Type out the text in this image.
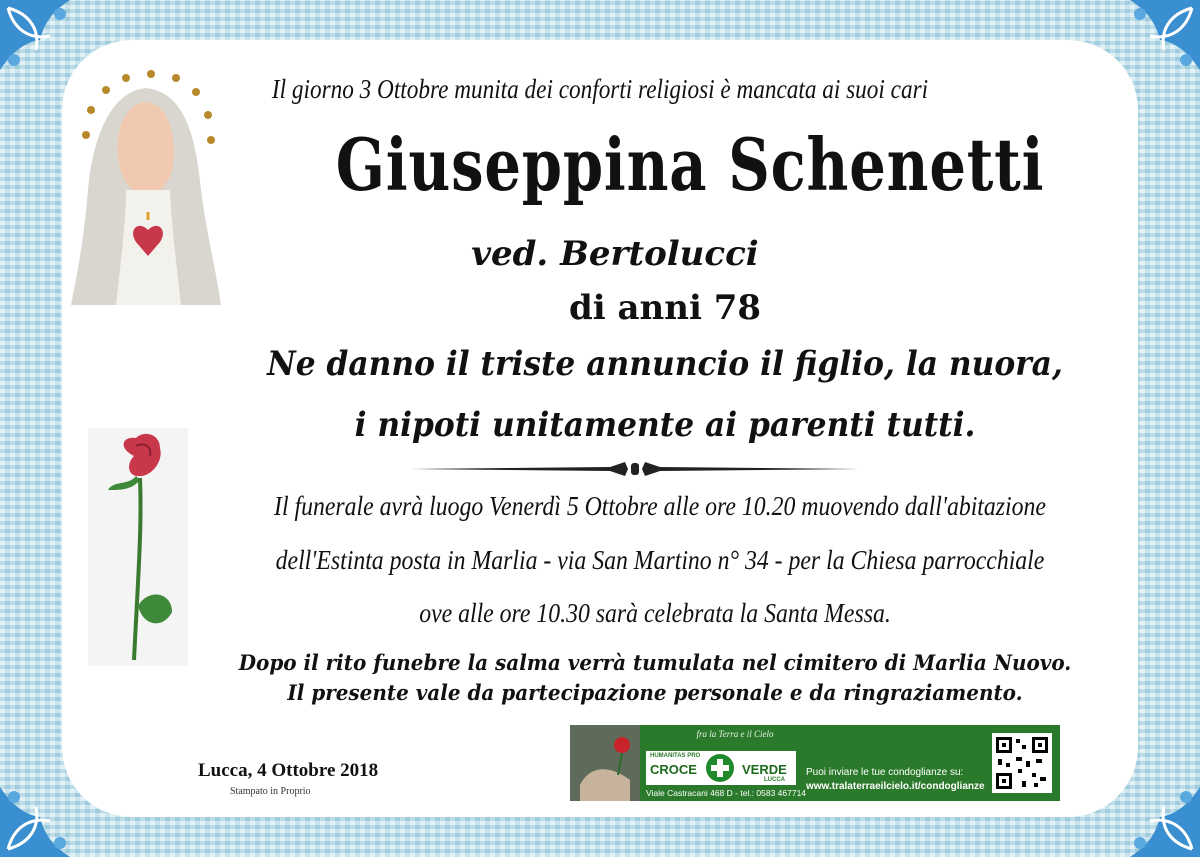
Il giorno 3 Ottobre munita dei conforti religiosi è mancata ai suoi cari
Giuseppina Schenetti
ved. Bertolucci
di anni 78
Ne danno il triste annuncio il figlio, la nuora,
i nipoti unitamente ai parenti tutti.
Il funerale avrà luogo Venerdì 5 Ottobre alle ore 10.20 muovendo dall'abitazione
dell'Estinta posta in Marlia - via San Martino n° 34 - per la Chiesa parrocchiale
ove alle ore 10.30 sarà celebrata la Santa Messa.
Dopo il rito funebre la salma verrà tumulata nel cimitero di Marlia Nuovo.
Il presente vale da partecipazione personale e da ringraziamento.
Lucca, 4 Ottobre 2018
Stampato in Proprio
fra la Terra e il Cielo
HUMANITAS PRO
CROCE	VERDE
LUCCA
Viale Castracani 468 D - tel.: 0583 467714
Puoi inviare le tue condoglianze su:
www.tralaterraeilcielo.it/condoglianze
